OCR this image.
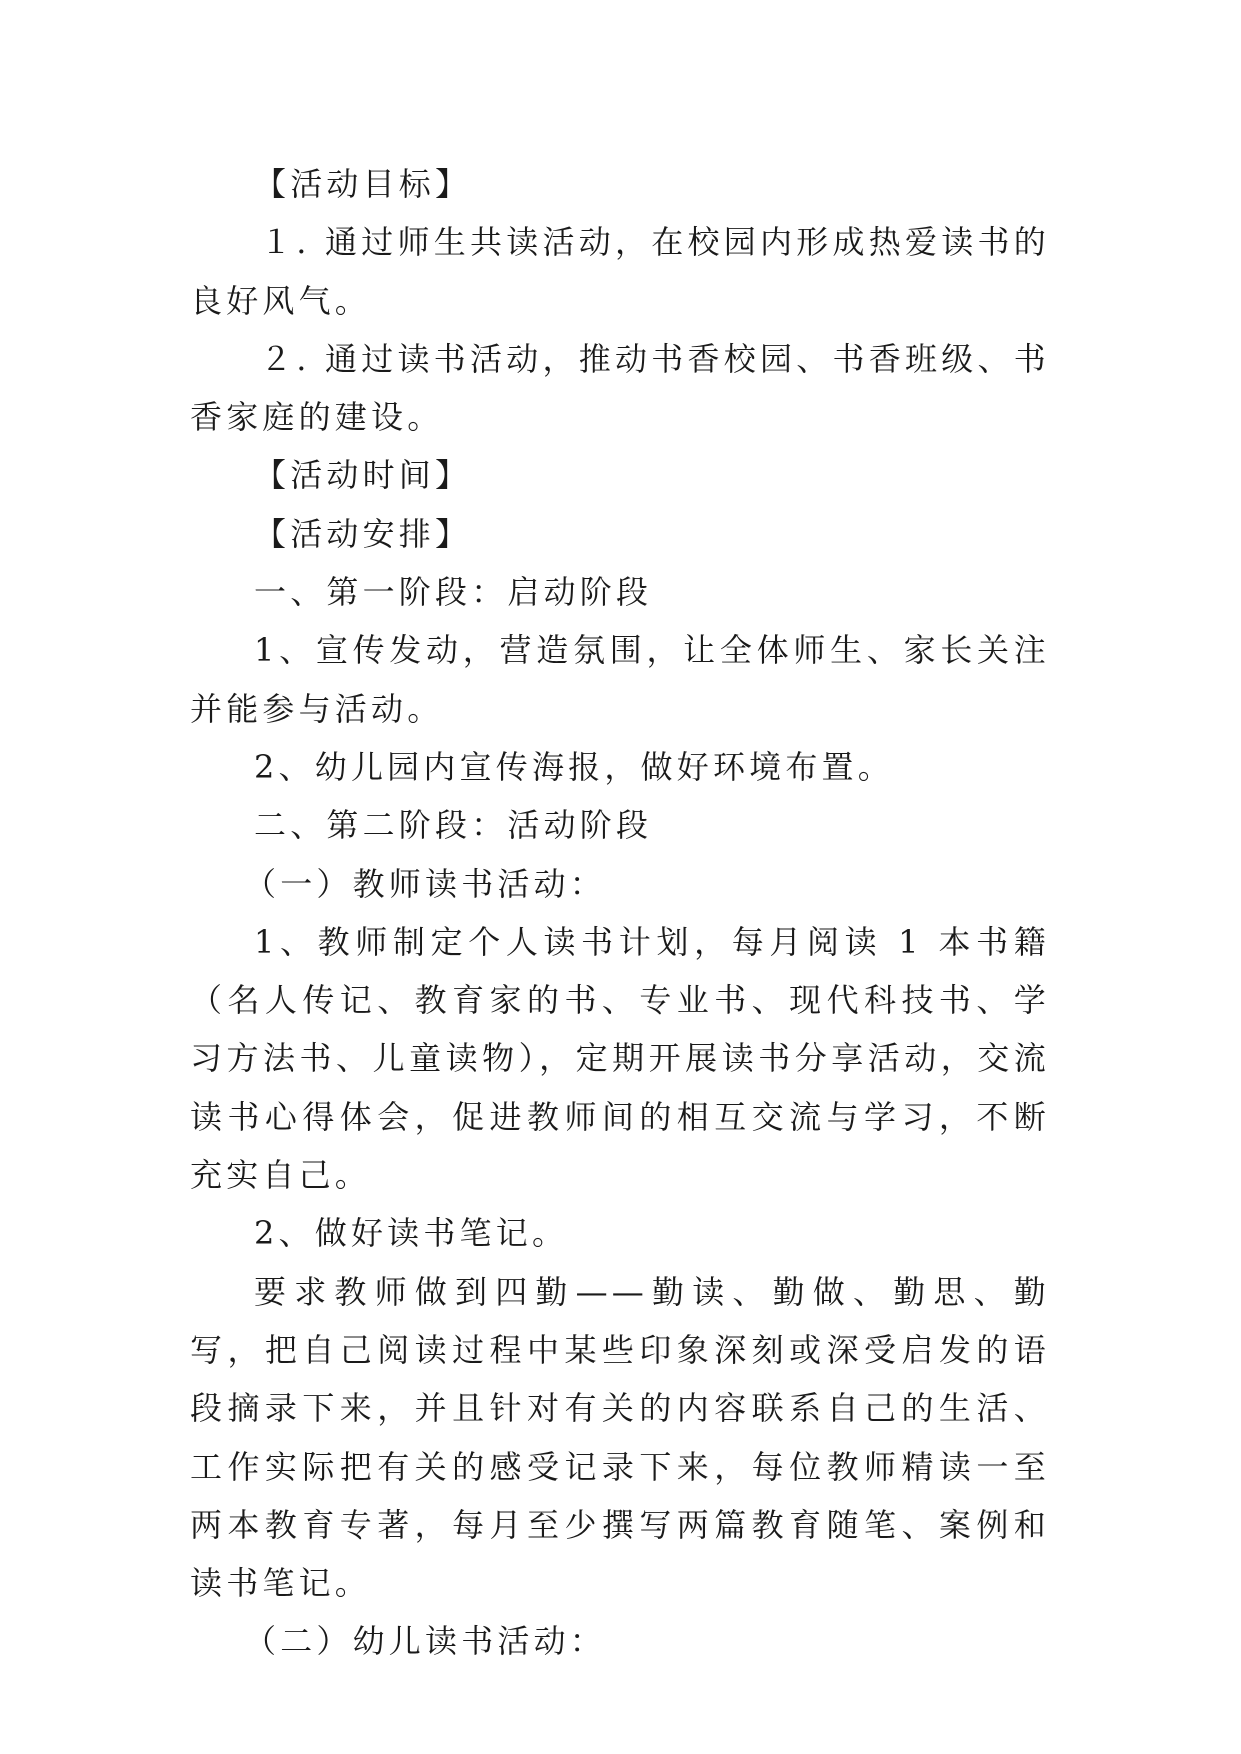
【活动目标】

１. 通过师生共读活动，在校园内形成热爱读书的良好风气。

２. 通过读书活动，推动书香校园、书香班级、书香家庭的建设。

【活动时间】

【活动安排】

一、第一阶段：启动阶段

1、宣传发动，营造氛围，让全体师生、家长关注并能参与活动。

2、幼儿园内宣传海报，做好环境布置。

二、第二阶段：活动阶段

（一）教师读书活动：

1、教师制定个人读书计划，每月阅读 1 本书籍（名人传记、教育家的书、专业书、现代科技书、学习方法书、儿童读物），定期开展读书分享活动，交流读书心得体会，促进教师间的相互交流与学习，不断充实自己。

2、做好读书笔记。

要求教师做到四勤——勤读、勤做、勤思、勤写，把自己阅读过程中某些印象深刻或深受启发的语段摘录下来，并且针对有关的内容联系自己的生活、工作实际把有关的感受记录下来，每位教师精读一至两本教育专著，每月至少撰写两篇教育随笔、案例和读书笔记。

（二）幼儿读书活动：
